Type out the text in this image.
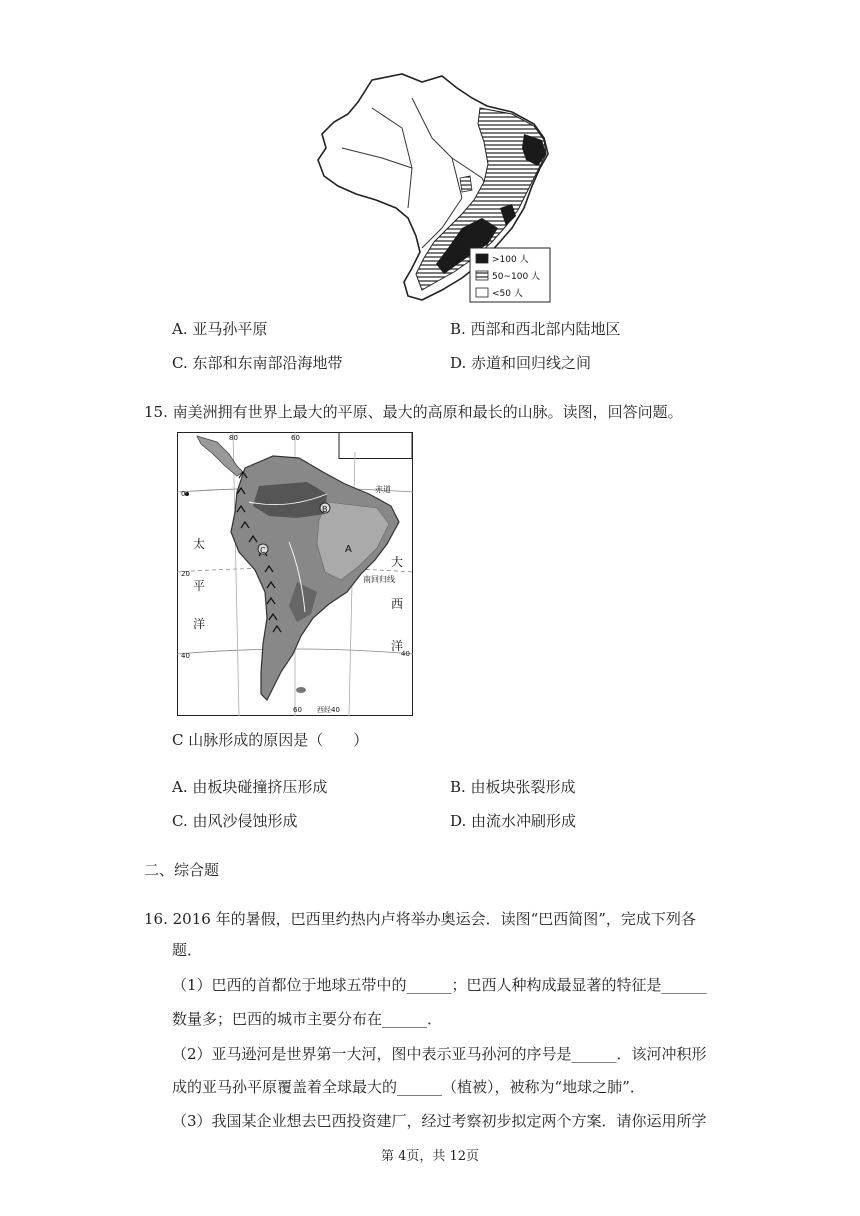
>100 人
50~100 人
<50 人
A. 亚马孙平原	B. 西部和西北部内陆地区
C. 东部和东南部沿海地带	D. 赤道和回归线之间
15. 南美洲拥有世界上最大的平原、最大的高原和最长的山脉。读图，回答问题。
赤道
南回归线
太
平
洋
大
西
洋
B
A
C
0
20
40
80	60
60 西经40
40
C 山脉形成的原因是（　　）
A. 由板块碰撞挤压形成	B. 由板块张裂形成
C. 由风沙侵蚀形成	D. 由流水冲刷形成
二、综合题
16. 2016 年的暑假，巴西里约热内卢将举办奥运会．读图“巴西简图”，完成下列各
题．
（1）巴西的首都位于地球五带中的______；巴西人种构成最显著的特征是______
数量多；巴西的城市主要分布在______．
（2）亚马逊河是世界第一大河，图中表示亚马孙河的序号是______．该河冲积形
成的亚马孙平原覆盖着全球最大的______（植被），被称为“地球之肺”．
（3）我国某企业想去巴西投资建厂，经过考察初步拟定两个方案．请你运用所学
第 4页，共 12页
